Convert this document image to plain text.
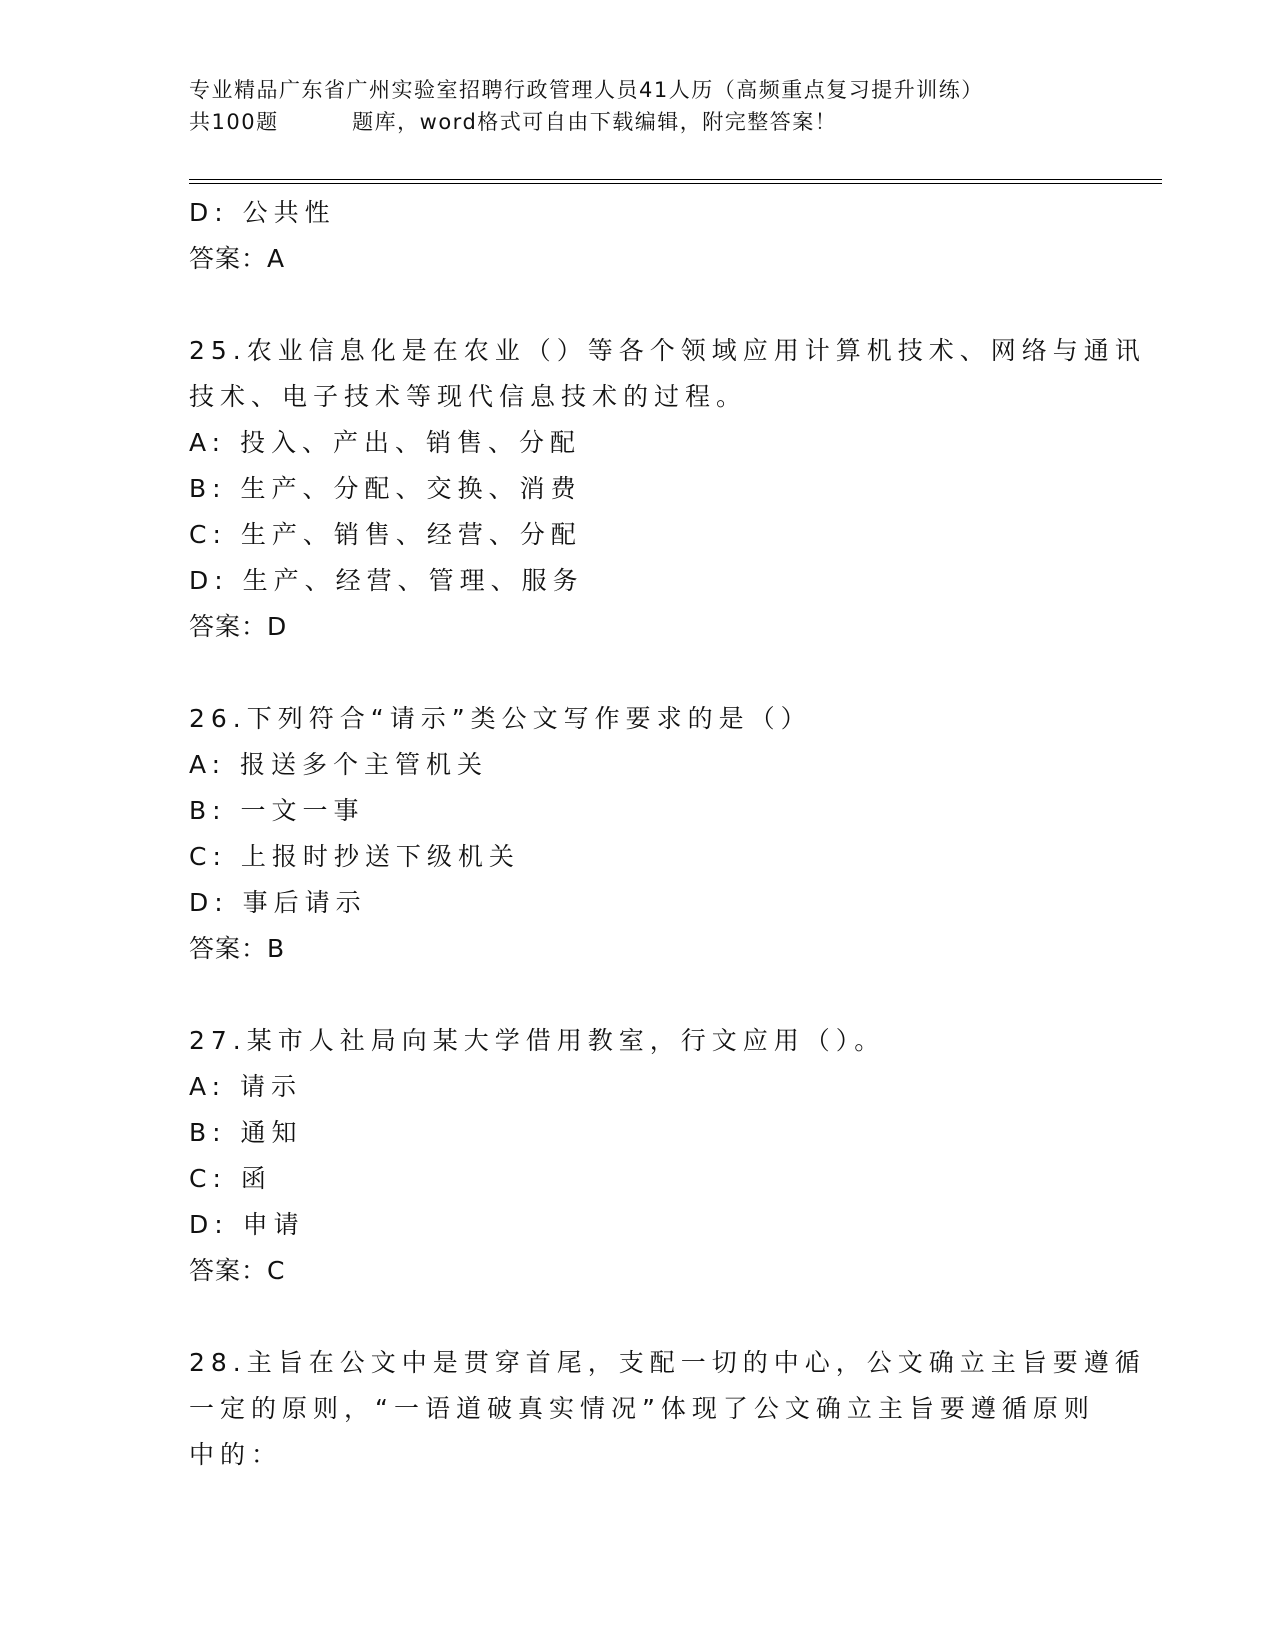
专业精品广东省广州实验室招聘行政管理人员41人历（高频重点复习提升训练）
共100题         题库，word格式可自由下载编辑，附完整答案！
D: 公共性
答案：A
25.农业信息化是在农业（）等各个领域应用计算机技术、网络与通讯
技术、电子技术等现代信息技术的过程。
A: 投入、产出、销售、分配
B: 生产、分配、交换、消费
C: 生产、销售、经营、分配
D: 生产、经营、管理、服务
答案：D
26.下列符合“请示”类公文写作要求的是（）
A: 报送多个主管机关
B: 一文一事
C: 上报时抄送下级机关
D: 事后请示
答案：B
27.某市人社局向某大学借用教室，行文应用（）。
A: 请示
B: 通知
C: 函
D: 申请
答案：C
28.主旨在公文中是贯穿首尾，支配一切的中心，公文确立主旨要遵循
一定的原则，“一语道破真实情况”体现了公文确立主旨要遵循原则
中的：
